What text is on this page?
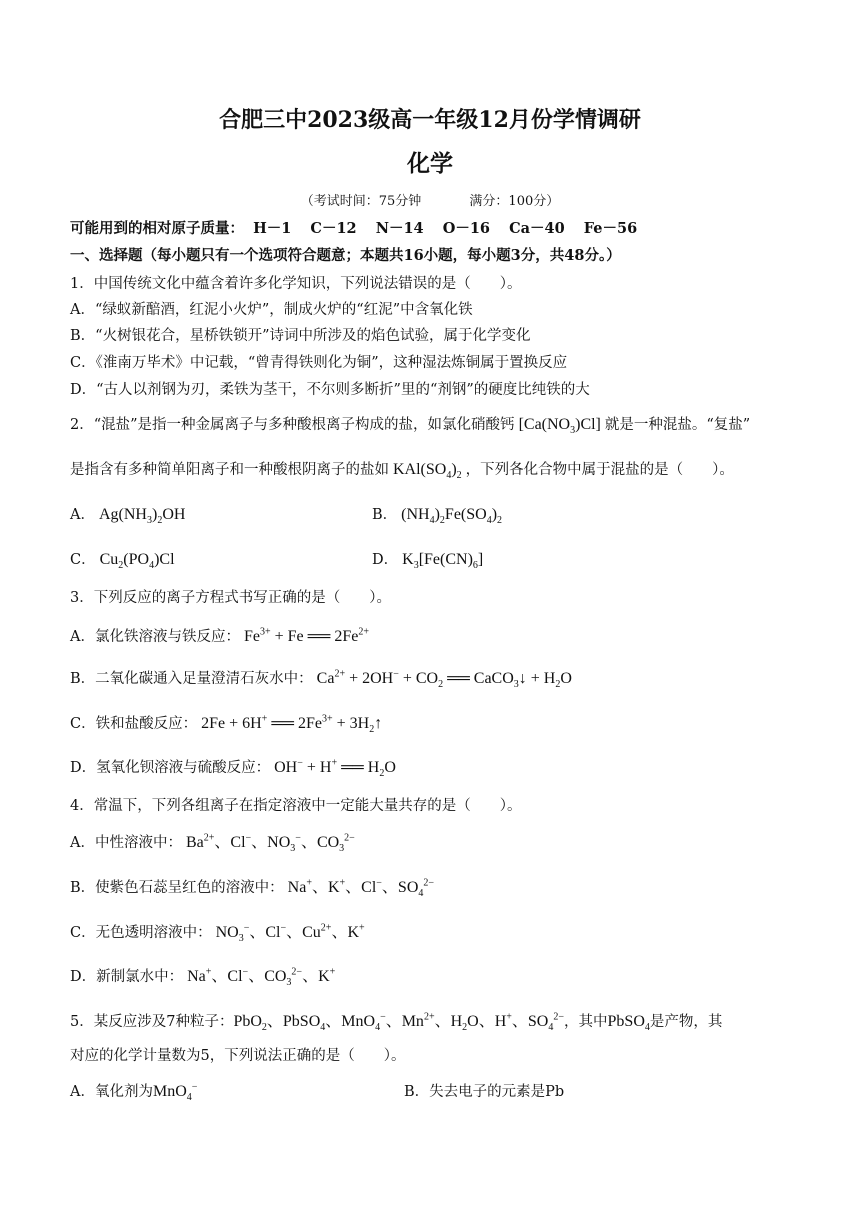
合肥三中2023级高一年级12月份学情调研
化学
（考试时间：75分钟	满分：100分）
可能用到的相对原子质量： H－1 C－12 N－14 O－16 Ca－40 Fe－56
一、选择题（每小题只有一个选项符合题意；本题共16小题，每小题3分，共48分。）
1．中国传统文化中蕴含着许多化学知识，下列说法错误的是（　　）。
A．“绿蚁新醅酒，红泥小火炉”，制成火炉的“红泥”中含氧化铁
B．“火树银花合，星桥铁锁开”诗词中所涉及的焰色试验，属于化学变化
C．《淮南万毕术》中记载，“曾青得铁则化为铜”，这种湿法炼铜属于置换反应
D．“古人以剂钢为刃，柔铁为茎干，不尔则多断折”里的“剂钢”的硬度比纯铁的大
2．“混盐”是指一种金属离子与多种酸根离子构成的盐，如氯化硝酸钙 $[Ca(NO_3)Cl]$ 就是一种混盐。“复盐”
是指含有多种简单阳离子和一种酸根阴离子的盐如 $KAl(SO_4)_2$ ，下列各化合物中属于混盐的是（　　）。
A． $Ag(NH_3)_2OH$	B． $(NH_4)_2Fe(SO_4)_2$
C． $Cu_2(PO_4)Cl$	D． $K_3[Fe(CN)_6]$
3．下列反应的离子方程式书写正确的是（　　）。
A．氯化铁溶液与铁反应： $Fe^{3+} + Fe$ ══ $2Fe^{2+}$
B．二氧化碳通入足量澄清石灰水中： $Ca^{2+} + 2OH^- + CO_2$ ══ CaCO$_3$↓ + $H_2O$
C．铁和盐酸反应： 2Fe + 6H+ ══ $2Fe^{3+}$ + $3H_2↑$
D．氢氧化钡溶液与硫酸反应： OH− + H+ ══ $H_2O$
4．常温下，下列各组离子在指定溶液中一定能大量共存的是（　　）。
A．中性溶液中： $Ba^{2+}$、Cl−、$NO_3^-$、$CO_3^{2-}$
B．使紫色石蕊呈红色的溶液中： Na+、K+、Cl−、$SO_4^{2-}$
C．无色透明溶液中： $NO_3^-$、Cl−、$Cu^{2+}$、K+
D．新制氯水中： Na+、Cl−、$CO_3^{2-}$、K+
5．某反应涉及7种粒子：PbO$_2$、PbSO$_4$、MnO$_4$−、$Mn^{2+}$、$H_2O$、H+、$SO_4^{2-}$，其中PbSO$_4$是产物，其
对应的化学计量数为5，下列说法正确的是（　　）。
A．氧化剂为MnO$_4$−	B．失去电子的元素是Pb
